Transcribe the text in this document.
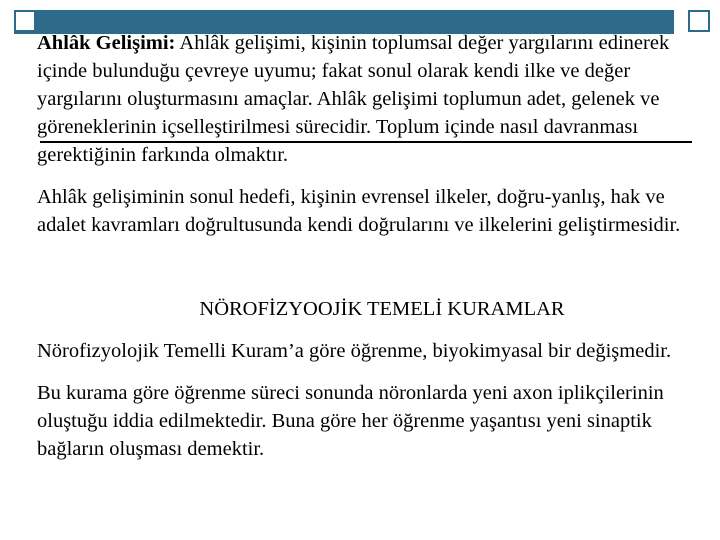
Ahlâk Gelişimi: Ahlâk gelişimi, kişinin toplumsal değer yargılarını edinerek içinde bulunduğu çevreye uyumu; fakat sonul olarak kendi ilke ve değer yargılarını oluşturmasını amaçlar. Ahlâk gelişimi toplumun adet, gelenek ve göreneklerinin içselleştirilmesi sürecidir. Toplum içinde nasıl davranması gerektiğinin farkında olmaktır.

Ahlâk gelişiminin sonul hedefi, kişinin evrensel ilkeler, doğru-yanlış, hak ve adalet kavramları doğrultusunda kendi doğrularını ve ilkelerini geliştirmesidir.

NÖROFİZYOOJİK TEMELİ KURAMLAR

Nörofizyolojik Temelli Kuram’a göre öğrenme, biyokimyasal bir değişmedir.

Bu kurama göre öğrenme süreci sonunda nöronlarda yeni axon iplikçilerinin oluştuğu iddia edilmektedir. Buna göre her öğrenme yaşantısı yeni sinaptik bağların oluşması demektir.
